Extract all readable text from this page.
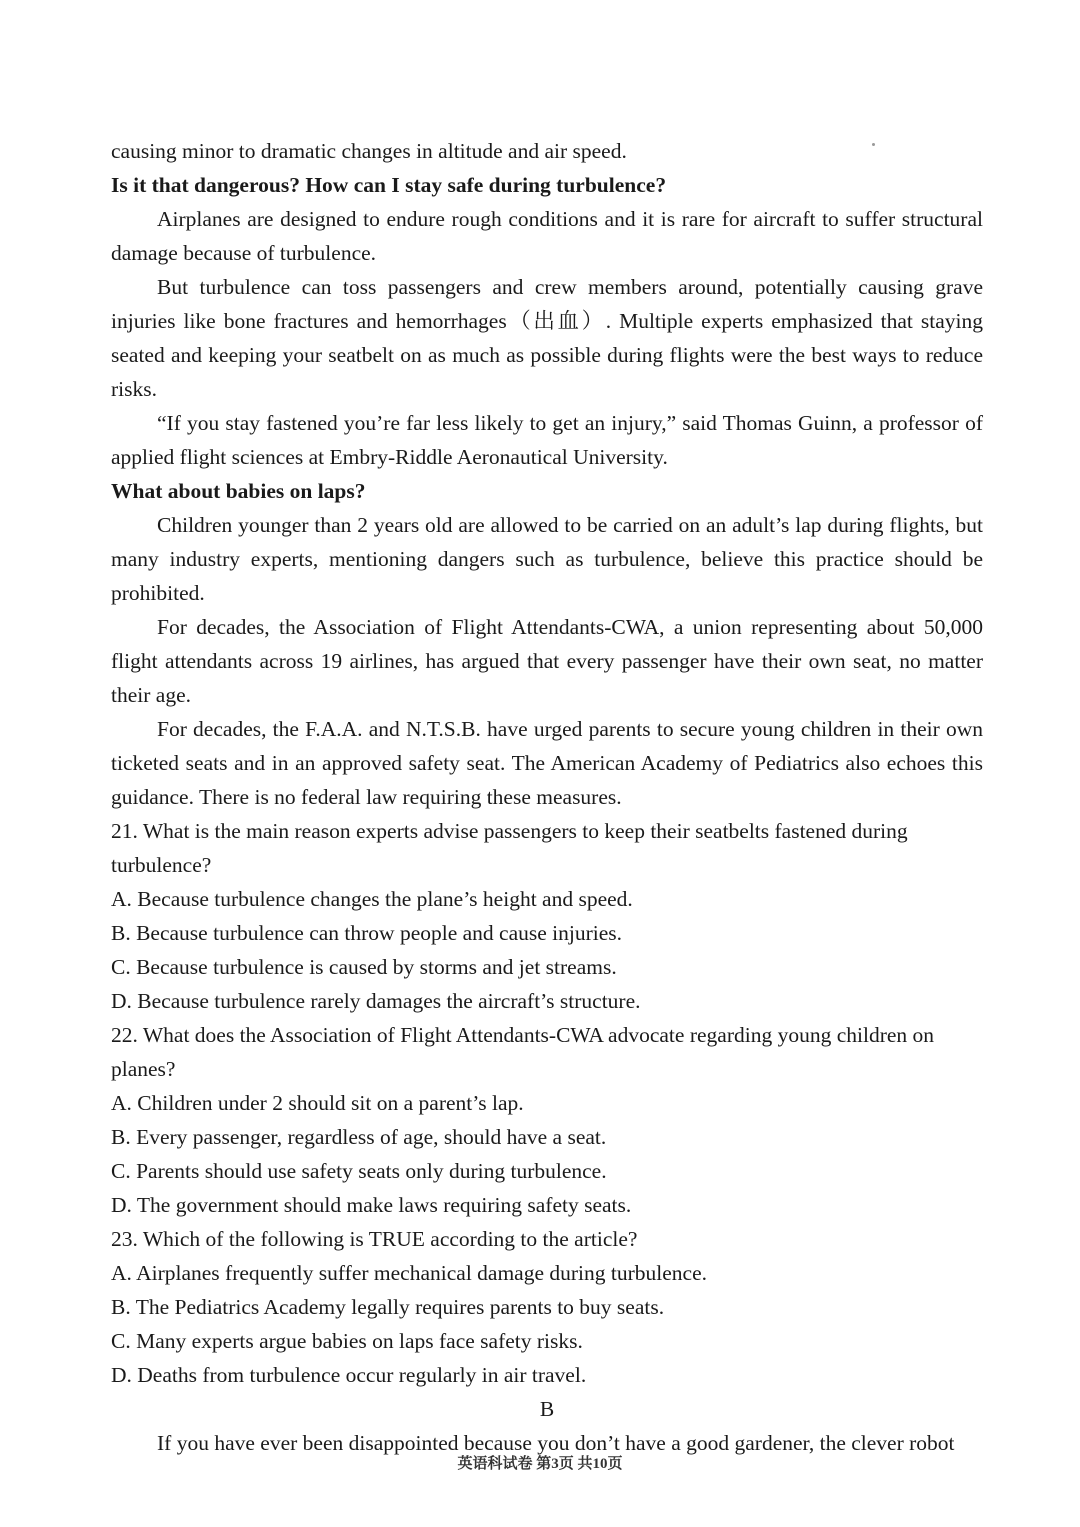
causing minor to dramatic changes in altitude and air speed.

Is it that dangerous? How can I stay safe during turbulence?

Airplanes are designed to endure rough conditions and it is rare for aircraft to suffer structural damage because of turbulence.

But turbulence can toss passengers and crew members around, potentially causing grave injuries like bone fractures and hemorrhages（出血）. Multiple experts emphasized that staying seated and keeping your seatbelt on as much as possible during flights were the best ways to reduce risks.

“If you stay fastened you’re far less likely to get an injury,” said Thomas Guinn, a professor of applied flight sciences at Embry-Riddle Aeronautical University.

What about babies on laps?

Children younger than 2 years old are allowed to be carried on an adult’s lap during flights, but many industry experts, mentioning dangers such as turbulence, believe this practice should be prohibited.

For decades, the Association of Flight Attendants-CWA, a union representing about 50,000 flight attendants across 19 airlines, has argued that every passenger have their own seat, no matter their age.

For decades, the F.A.A. and N.T.S.B. have urged parents to secure young children in their own ticketed seats and in an approved safety seat. The American Academy of Pediatrics also echoes this guidance. There is no federal law requiring these measures.

21. What is the main reason experts advise passengers to keep their seatbelts fastened during turbulence?

A. Because turbulence changes the plane’s height and speed.

B. Because turbulence can throw people and cause injuries.

C. Because turbulence is caused by storms and jet streams.

D. Because turbulence rarely damages the aircraft’s structure.

22. What does the Association of Flight Attendants-CWA advocate regarding young children on planes?

A. Children under 2 should sit on a parent’s lap.

B. Every passenger, regardless of age, should have a seat.

C. Parents should use safety seats only during turbulence.

D. The government should make laws requiring safety seats.

23. Which of the following is TRUE according to the article?

A. Airplanes frequently suffer mechanical damage during turbulence.

B. The Pediatrics Academy legally requires parents to buy seats.

C. Many experts argue babies on laps face safety risks.

D. Deaths from turbulence occur regularly in air travel.

B

If you have ever been disappointed because you don’t have a good gardener, the clever robot

英语科试卷 第3页 共10页
